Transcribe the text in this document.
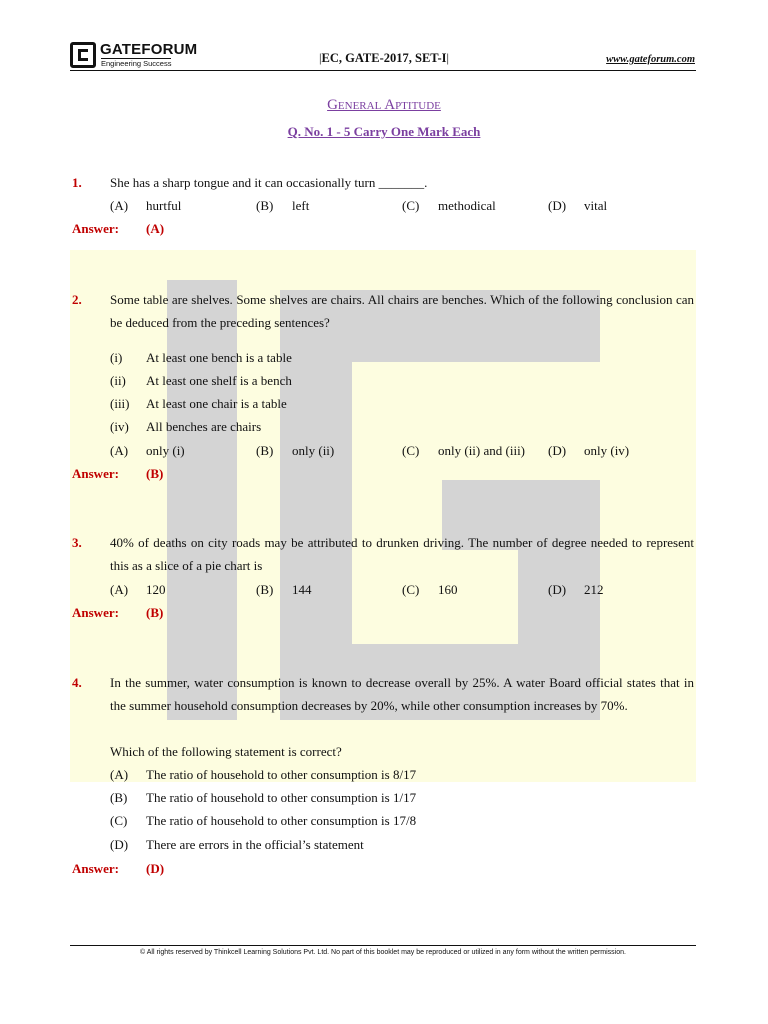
GATEFORUM
Engineering Success	|EC, GATE-2017, SET-I|	www.gateforum.com
General Aptitude
Q. No. 1 - 5 Carry One Mark Each
1. She has a sharp tongue and it can occasionally turn _______.
(A) hurtful	(B) left	(C) methodical	(D) vital
Answer: (A)
2. Some table are shelves. Some shelves are chairs. All chairs are benches. Which of the following conclusion can be deduced from the preceding sentences?
(i) At least one bench is a table
(ii) At least one shelf is a bench
(iii) At least one chair is a table
(iv) All benches are chairs
(A) only (i)	(B) only (ii)	(C) only (ii) and (iii) (D) only (iv)
Answer: (B)
3. 40% of deaths on city roads may be attributed to drunken driving. The number of degree needed to represent this as a slice of a pie chart is
(A) 120	(B) 144	(C) 160	(D) 212
Answer: (B)
4. In the summer, water consumption is known to decrease overall by 25%. A water Board official states that in the summer household consumption decreases by 20%, while other consumption increases by 70%.
Which of the following statement is correct?
(A) The ratio of household to other consumption is 8/17
(B) The ratio of household to other consumption is 1/17
(C) The ratio of household to other consumption is 17/8
(D) There are errors in the official’s statement
Answer: (D)
© All rights reserved by Thinkcell Learning Solutions Pvt. Ltd. No part of this booklet may be reproduced or utilized in any form without the written permission.
